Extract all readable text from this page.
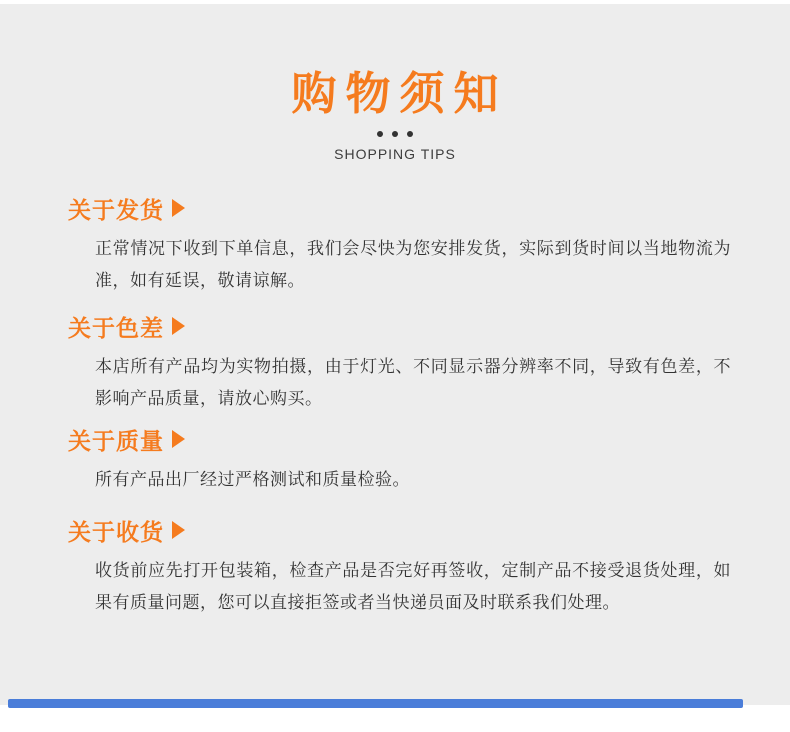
购物须知
SHOPPING TIPS
关于发货
正常情况下收到下单信息，我们会尽快为您安排发货，实际到货时间以当地物流为准，如有延误，敬请谅解。
关于色差
本店所有产品均为实物拍摄，由于灯光、不同显示器分辨率不同，导致有色差，不影响产品质量，请放心购买。
关于质量
所有产品出厂经过严格测试和质量检验。
关于收货
收货前应先打开包装箱，检查产品是否完好再签收，定制产品不接受退货处理，如果有质量问题，您可以直接拒签或者当快递员面及时联系我们处理。
